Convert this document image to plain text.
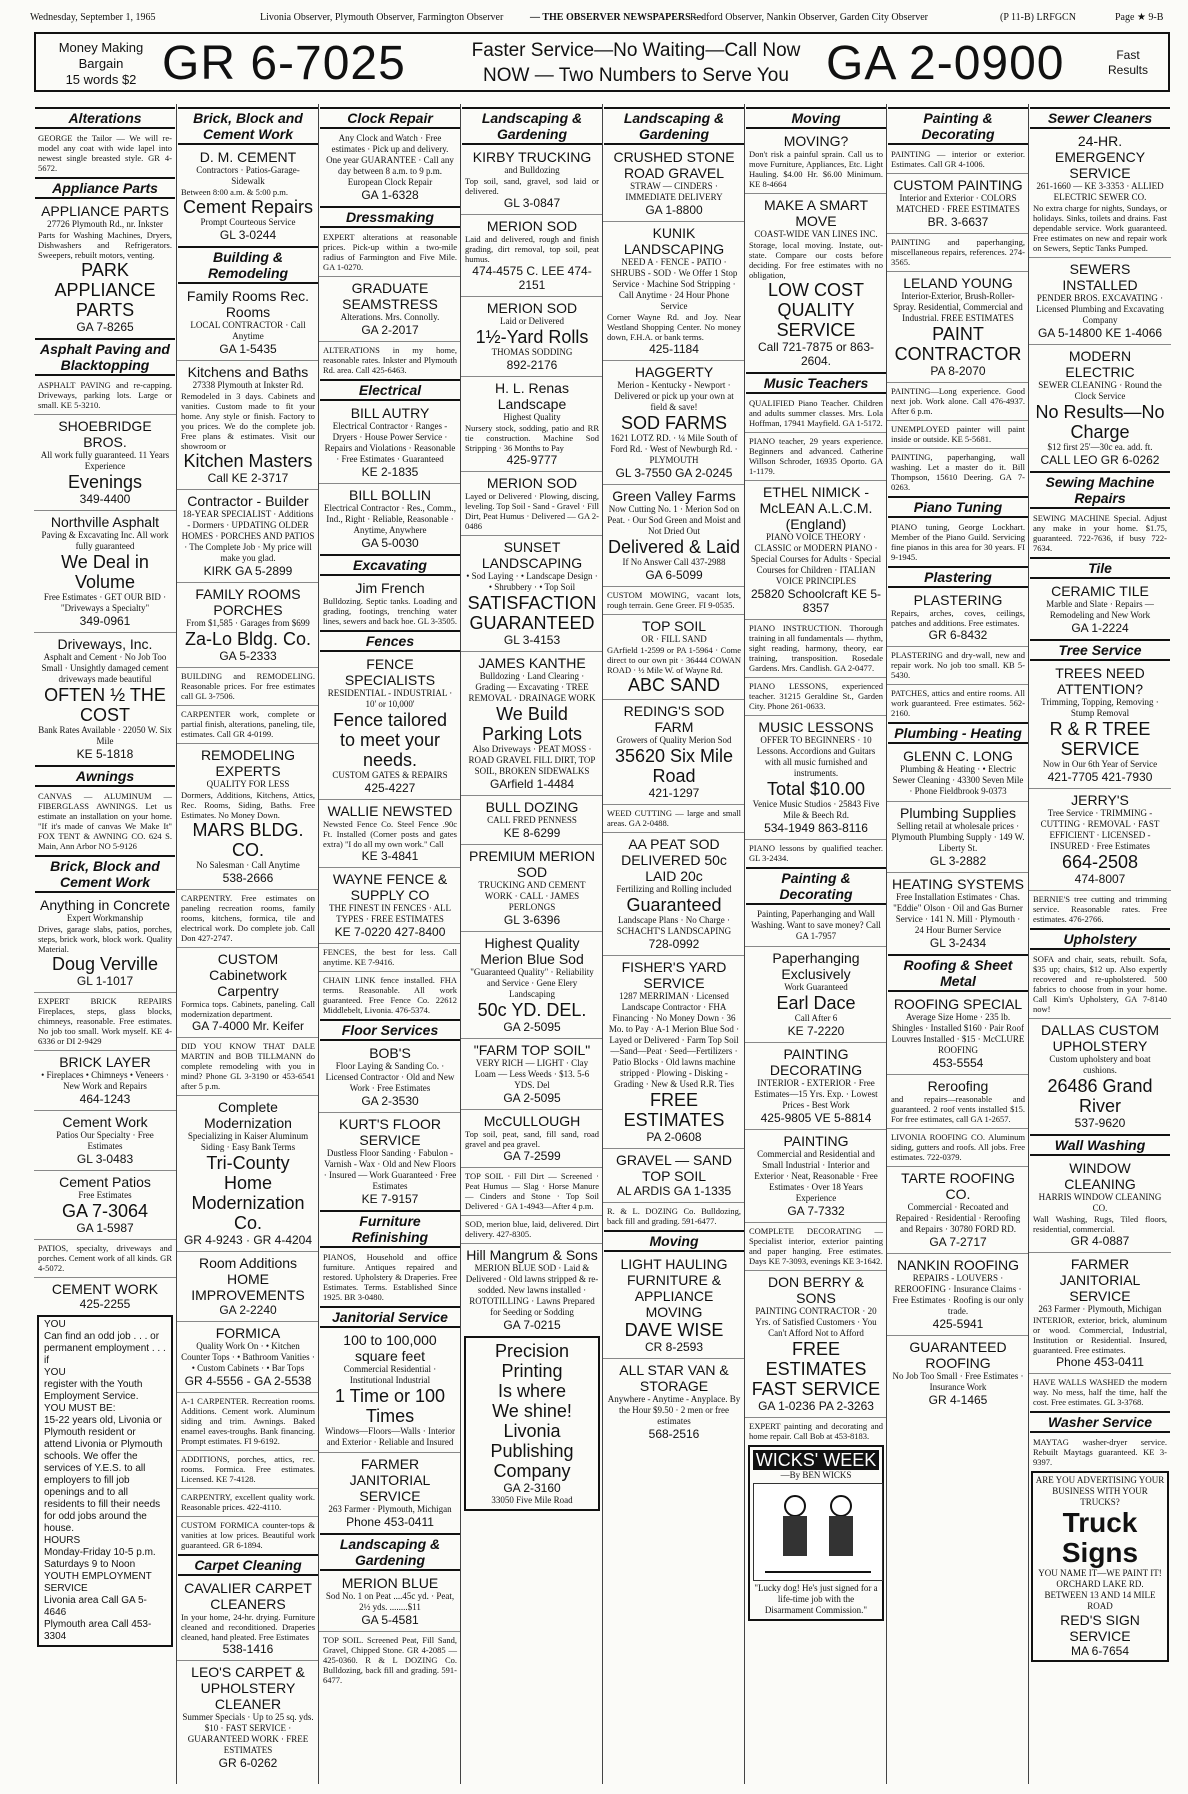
Wednesday, September 1, 1965	Livonia Observer, Plymouth Observer, Farmington Observer	— THE OBSERVER NEWSPAPERS —
Redford Observer, Nankin Observer, Garden City Observer	(P 11-B) LRFGCN	Page ★ 9-B
Money Making
Bargain
15 words $2 GR 6-7025	Faster Service—No Waiting—Call Now
NOW — Two Numbers to Serve You GA 2-0900	Fast
Results
Alterations
GEORGE the Tailor — We will re-model any coat with wide lapel into newest single breasted style. GR 4-5672.
Appliance Parts
APPLIANCE PARTS
27726 Plymouth Rd., nr. Inkster
Parts for Washing Machines, Dryers, Dishwashers and Refrigerators. Sweepers, rebuilt motors, venting.
PARK APPLIANCE PARTS
GA 7-8265
Asphalt Paving and Blacktopping
ASPHALT PAVING and re-capping. Driveways, parking lots. Large or small. KE 5-3210.
SHOEBRIDGE BROS.
All work fully guaranteed. 11 Years Experience
Evenings
349-4400
Northville Asphalt
Paving & Excavating Inc. All work fully guaranteed
We Deal in Volume
Free Estimates · GET OUR BID · "Driveways a Specialty"
349-0961
Driveways, Inc.
Asphalt and Cement · No Job Too Small · Unsightly damaged cement driveways made beautiful
OFTEN ½ THE COST
Bank Rates Available · 22050 W. Six Mile
KE 5-1818
Awnings
CANVAS — ALUMINUM — FIBERGLASS AWNINGS. Let us estimate an installation on your home. "If it's made of canvas We Make It" FOX TENT & AWNING CO. 624 S. Main, Ann Arbor NO 5-9126
Brick, Block and Cement Work
Anything in Concrete
Expert Workmanship
Drives, garage slabs, patios, porches, steps, brick work, block work. Quality Material.
Doug Verville
GL 1-1017
EXPERT BRICK REPAIRS Fireplaces, steps, glass blocks, chimneys, reasonable. Free estimates. No job too small. Work myself. KE 4-6336 or DI 2-9429
BRICK LAYER
• Fireplaces • Chimneys • Veneers · New Work and Repairs
464-1243
Cement Work
Patios Our Specialty · Free Estimates
GL 3-0483
Cement Patios
Free Estimates
GA 7-3064
GA 1-5987
PATIOS, specialty, driveways and porches. Cement work of all kinds. GR 4-5072.
CEMENT WORK
425-2255
YOU
Can find an odd job . . . or permanent employment . . . if
YOU
register with the Youth Employment Service.
YOU MUST BE:
15-22 years old, Livonia or Plymouth resident or attend Livonia or Plymouth schools. We offer the services of Y.E.S. to all employers to fill job openings and to all residents to fill their needs for odd jobs around the house.
HOURS
Monday-Friday 10-5 p.m. Saturdays 9 to Noon
YOUTH EMPLOYMENT SERVICE
Livonia area Call GA 5-4646
Plymouth area Call 453-3304
Brick, Block and Cement Work
D. M. CEMENT
Contractors · Patios-Garage-Sidewalk
Between 8:00 a.m. & 5:00 p.m.
Cement Repairs
Prompt Courteous Service
GL 3-0244
Building & Remodeling
Family Rooms Rec. Rooms
LOCAL CONTRACTOR · Call Anytime
GA 1-5435
Kitchens and Baths
27338 Plymouth at Inkster Rd.
Remodeled in 3 days. Cabinets and vanities. Custom made to fit your home. Any style or finish. Factory to you prices. We do the complete job. Free plans & estimates. Visit our showroom or
Kitchen Masters
Call KE 2-3717
Contractor - Builder
18-YEAR SPECIALIST · Additions - Dormers · UPDATING OLDER HOMES · PORCHES AND PATIOS · The Complete Job · My price will make you glad.
KIRK GA 5-2899
FAMILY ROOMS PORCHES
From $1,585 · Garages from $699
Za-Lo Bldg. Co.
GA 5-2333
BUILDING and REMODELING. Reasonable prices. For free estimates call GL 3-7506.
CARPENTER work, complete or partial finish, alterations, paneling, tile, estimates. Call GR 4-0199.
REMODELING EXPERTS
QUALITY FOR LESS
Dormers, Additions, Kitchens, Attics, Rec. Rooms, Siding, Baths. Free Estimates. No Money Down.
MARS BLDG. CO.
No Salesman · Call Anytime
538-2666
CARPENTRY. Free estimates on paneling recreation rooms, family rooms, kitchens, formica, tile and electrical work. Do complete job. Call Don 427-2747.
CUSTOM Cabinetwork Carpentry
Formica tops. Cabinets, paneling. Call modernization department.
GA 7-4000 Mr. Keifer
DID YOU KNOW THAT DALE MARTIN and BOB TILLMANN do complete remodeling with you in mind? Phone GL 3-3190 or 453-6541 after 5 p.m.
Complete Modernization
Specializing in Kaiser Aluminum Siding · Easy Bank Terms
Tri-County Home Modernization Co.
GR 4-9243 · GR 4-4204
Room Additions HOME IMPROVEMENTS
GA 2-2240
FORMICA
Quality Work On · • Kitchen Counter Tops · • Bathroom Vanities · • Custom Cabinets · • Bar Tops
GR 4-5556 - GA 2-5538
A-1 CARPENTER. Recreation rooms. Additions. Cement work. Aluminum siding and trim. Awnings. Baked enamel eaves-troughs. Bank financing. Prompt estimates. FI 9-6192.
ADDITIONS, porches, attics, rec. rooms. Formica. Free estimates. Licensed. KE 7-4128.
CARPENTRY, excellent quality work. Reasonable prices. 422-4110.
CUSTOM FORMICA counter-tops & vanities at low prices. Beautiful work guaranteed. GR 6-1894.
Carpet Cleaning
CAVALIER CARPET CLEANERS
In your home, 24-hr. drying. Furniture cleaned and reconditioned. Draperies cleaned, hand pleated. Free Estimates
538-1416
LEO'S CARPET & UPHOLSTERY CLEANER
Summer Specials · Up to 25 sq. yds. $10 · FAST SERVICE · GUARANTEED WORK · FREE ESTIMATES
GR 6-0262
Clock Repair
Any Clock and Watch · Free estimates · Pick up and delivery. One year GUARANTEE · Call any day between 8 a.m. to 9 p.m. European Clock Repair
GA 1-6328
Dressmaking
EXPERT alterations at reasonable prices. Pick-up within a two-mile radius of Farmington and Five Mile. GA 1-0270.
GRADUATE SEAMSTRESS
Alterations. Mrs. Connolly.
GA 2-2017
ALTERATIONS in my home, reasonable rates. Inkster and Plymouth Rd. area. Call 425-6463.
Electrical
BILL AUTRY
Electrical Contractor · Ranges - Dryers · House Power Service · Repairs and Violations · Reasonable · Free Estimates · Guaranteed
KE 2-1835
BILL BOLLIN
Electrical Contractor · Res., Comm., Ind., Right · Reliable, Reasonable · Anytime, Anywhere
GA 5-0030
Excavating
Jim French
Bulldozing. Septic tanks. Loading and grading, footings, trenching water lines, sewers and back hoe. GL 3-3505.
Fences
FENCE SPECIALISTS
RESIDENTIAL - INDUSTRIAL · 10' or 10,000'
Fence tailored to meet your needs.
CUSTOM GATES & REPAIRS
425-4227
WALLIE NEWSTED
Newsted Fence Co. Steel Fence .90c Ft. Installed (Corner posts and gates extra) "I do all my own work." Call
KE 3-4841
WAYNE FENCE & SUPPLY CO
THE FINEST IN FENCES · ALL TYPES · FREE ESTIMATES
KE 7-0220 427-8400
FENCES, the best for less. Call anytime. KE 7-9416.
CHAIN LINK fence installed. FHA terms. Reasonable. All work guaranteed. Free Fence Co. 22612 Middlebelt, Livonia. 476-5374.
Floor Services
BOB'S
Floor Laying & Sanding Co. · Licensed Contractor · Old and New Work · Free Estimates
GA 2-3530
KURT'S FLOOR SERVICE
Dustless Floor Sanding · Fabulon - Varnish - Wax · Old and New Floors · Insured — Work Guaranteed · Free Estimates
KE 7-9157
Furniture Refinishing
PIANOS, Household and office furniture. Antiques repaired and restored. Upholstery & Draperies. Free Estimates. Terms. Established Since 1925. BR 3-0480.
Janitorial Service
100 to 100,000 square feet
Commercial Residential · Institutional Industrial
1 Time or 100 Times
Windows—Floors—Walls · Interior and Exterior · Reliable and Insured
FARMER JANITORIAL SERVICE
263 Farmer · Plymouth, Michigan
Phone 453-0411
Landscaping & Gardening
MERION BLUE
Sod No. 1 on Peat ....45c yd. · Peat, 2½ yds. ........$11
GA 5-4581
TOP SOIL. Screened Peat, Fill Sand, Gravel, Chipped Stone. GR 4-2085 — 425-0360. R & L DOZING Co. Bulldozing, back fill and grading. 591-6477.
Landscaping & Gardening
KIRBY TRUCKING
and Bulldozing
Top soil, sand, gravel, sod laid or delivered.
GL 3-0847
MERION SOD
Laid and delivered, rough and finish grading, dirt removal, top soil, peat humus.
474-4575 C. LEE 474-2151
MERION SOD
Laid or Delivered
1½-Yard Rolls
THOMAS SODDING
892-2176
H. L. Renas Landscape
Highest Quality
Nursery stock, sodding, patio and RR tie construction. Machine Sod Stripping · 36 Months to Pay
425-9777
MERION SOD
Layed or Delivered · Plowing, discing, leveling. Top Soil - Sand - Gravel · Fill Dirt, Peat Humus · Delivered — GA 2-0486
SUNSET LANDSCAPING
• Sod Laying · • Landscape Design · • Shrubbery · • Top Soil
SATISFACTION GUARANTEED
GL 3-4153
JAMES KANTHE
Bulldozing · Land Clearing · Grading — Excavating · TREE REMOVAL · DRAINAGE WORK
We Build Parking Lots
Also Driveways · PEAT MOSS · ROAD GRAVEL FILL DIRT, TOP SOIL, BROKEN SIDEWALKS
GArfield 1-4484
BULL DOZING
CALL FRED PENNESS
KE 8-6299
PREMIUM MERION SOD
TRUCKING AND CEMENT WORK · CALL · JAMES PERLONGS
GL 3-6396
Highest Quality Merion Blue Sod
"Guaranteed Quality" · Reliability and Service · Gene Elery Landscaping
50c YD. DEL.
GA 2-5095
"FARM TOP SOIL"
VERY RICH — LIGHT · Clay Loam — Less Weeds · $13. 5-6 YDS. Del
GA 2-5095
McCULLOUGH
Top soil, peat, sand, fill sand, road gravel and pea gravel.
GA 7-2599
TOP SOIL · Fill Dirt — Screened · Peat Humus — Slag · Horse Manure — Cinders and Stone · Top Soil Delivered · GA 1-4943—After 4 p.m.
SOD, merion blue, laid, delivered. Dirt delivery. 427-8305.
Hill Mangrum & Sons
MERION BLUE SOD · Laid & Delivered · Old lawns stripped & re-sodded. New lawns installed · ROTOTILLING · Lawns Prepared for Seeding or Sodding
GA 7-0215
Precision
Printing
Is where
We shine!
Livonia
Publishing
Company
GA 2-3160
33050 Five Mile Road
Landscaping & Gardening
CRUSHED STONE ROAD GRAVEL
STRAW — CINDERS · IMMEDIATE DELIVERY
GA 1-8800
KUNIK LANDSCAPING
NEED A · FENCE - PATIO · SHRUBS - SOD · We Offer 1 Stop Service · Machine Sod Stripping · Call Anytime · 24 Hour Phone Service
Corner Wayne Rd. and Joy. Near Westland Shopping Center. No money down, F.H.A. or bank terms.
425-1184
HAGGERTY
Merion - Kentucky - Newport · Delivered or pick up your own at field & save!
SOD FARMS
1621 LOTZ RD. · ¼ Mile South of Ford Rd. · West of Newburgh Rd. · PLYMOUTH
GL 3-7550 GA 2-0245
Green Valley Farms
Now Cutting No. 1 · Merion Sod on Peat. · Our Sod Green and Moist and Not Dried Out
Delivered & Laid
If No Answer Call 437-2988
GA 6-5099
CUSTOM MOWING, vacant lots, rough terrain. Gene Greer. FI 9-0535.
TOP SOIL
OR · FILL SAND
GArfield 1-2599 or PA 1-5964 · Come direct to our own pit · 36444 COWAN ROAD · ½ Mile W. of Wayne Rd.
ABC SAND
REDING'S SOD FARM
Growers of Quality Merion Sod
35620 Six Mile Road
421-1297
WEED CUTTING — large and small areas. GA 2-0488.
AA PEAT SOD DELIVERED 50c LAID 20c
Fertilizing and Rolling included
Guaranteed
Landscape Plans · No Charge · SCHACHT'S LANDSCAPING
728-0992
FISHER'S YARD SERVICE
1287 MERRIMAN · Licensed Landscape Contractor · FHA Financing · No Money Down · 36 Mo. to Pay · A-1 Merion Blue Sod · Layed or Delivered · Farm Top Soil—Sand—Peat · Seed—Fertilizers · Patio Blocks · Old lawns machine stripped · Plowing - Disking - Grading · New & Used R.R. Ties
FREE ESTIMATES
PA 2-0608
GRAVEL — SAND TOP SOIL
AL ARDIS GA 1-1335
R. & L. DOZING Co. Bulldozing, back fill and grading. 591-6477.
Moving
LIGHT HAULING FURNITURE & APPLIANCE MOVING
DAVE WISE
CR 8-2593
ALL STAR VAN & STORAGE
Anywhere - Anytime - Anyplace. By the Hour $9.50 · 2 men or free estimates
568-2516
Moving
MOVING?
Don't risk a painful sprain. Call us to move Furniture, Appliances, Etc. Light Hauling. $4.00 Hr. $6.00 Minimum. KE 8-4664
MAKE A SMART MOVE
COAST-WIDE VAN LINES INC.
Storage, local moving. Instate, out-state. Compare our costs before deciding. For free estimates with no obligation,
LOW COST QUALITY SERVICE
Call 721-7875 or 863-2604.
Music Teachers
QUALIFIED Piano Teacher. Children and adults summer classes. Mrs. Lola Hoffman, 17941 Mayfield. GA 1-5172.
PIANO teacher, 29 years experience. Beginners and advanced. Catherine Willson Schroder, 16935 Oporto. GA 1-1179.
ETHEL NIMICK - McLEAN A.L.C.M. (England)
PIANO VOICE THEORY · CLASSIC or MODERN PIANO · Special Courses for Adults · Special Courses for Children · ITALIAN VOICE PRINCIPLES
25820 Schoolcraft KE 5-8357
PIANO INSTRUCTION. Thorough training in all fundamentals — rhythm, sight reading, harmony, theory, ear training, transposition. Rosedale Gardens. Mrs. Candlish. GA 2-0477.
PIANO LESSONS, experienced teacher. 31215 Geraldine St., Garden City. Phone 261-0633.
MUSIC LESSONS
OFFER TO BEGINNERS · 10 Lessons. Accordions and Guitars with all music furnished and instruments.
Total $10.00
Venice Music Studios · 25843 Five Mile & Beech Rd.
534-1949 863-8116
PIANO lessons by qualified teacher. GL 3-2434.
Painting & Decorating
Painting, Paperhanging and Wall Washing. Want to save money? Call GA 1-7957
Paperhanging Exclusively
Work Guaranteed
Earl Dace
Call After 6
KE 7-2220
PAINTING DECORATING
INTERIOR - EXTERIOR · Free Estimates—15 Yrs. Exp. · Lowest Prices - Best Work
425-9805 VE 5-8814
PAINTING
Commercial and Residential and Small Industrial · Interior and Exterior · Neat, Reasonable · Free Estimates · Over 18 Years Experience
GA 7-7332
COMPLETE DECORATING — Specialist interior, exterior painting and paper hanging. Free estimates. Days KE 7-3093, evenings KE 3-1642.
DON BERRY & SONS
PAINTING CONTRACTOR · 20 Yrs. of Satisfied Customers · You Can't Afford Not to Afford
FREE ESTIMATES FAST SERVICE
GA 1-0236 PA 2-3263
EXPERT painting and decorating and home repair. Call Bob at 453-8183.
WICKS' WEEK
—By BEN WICKS
"Lucky dog! He's just signed for a life-time job with the Disarmament Commission."
Painting & Decorating
PAINTING — interior or exterior. Estimates. Call GR 4-1006.
CUSTOM PAINTING
Interior and Exterior · COLORS MATCHED · FREE ESTIMATES
BR. 3-6637
PAINTING and paperhanging, miscellaneous repairs, references. 274-3565.
LELAND YOUNG
Interior-Exterior, Brush-Roller-Spray. Residential, Commercial and Industrial. FREE ESTIMATES
PAINT CONTRACTOR
PA 8-2070
PAINTING—Long experience. Good next job. Work alone. Call 476-4937. After 6 p.m.
UNEMPLOYED painter will paint inside or outside. KE 5-5681.
PAINTING, paperhanging, wall washing. Let a master do it. Bill Thompson, 15610 Deering. GA 7-0263.
Piano Tuning
PIANO tuning, George Lockhart. Member of the Piano Guild. Servicing fine pianos in this area for 30 years. FI 9-1945.
Plastering
PLASTERING
Repairs, arches, coves, ceilings, patches and additions. Free estimates.
GR 6-8432
PLASTERING and dry-wall, new and repair work. No job too small. KB 5-5430.
PATCHES, attics and entire rooms. All work guaranteed. Free estimates. 562-2160.
Plumbing - Heating
GLENN C. LONG
Plumbing & Heating · • Electric Sewer Cleaning · 43300 Seven Mile · Phone Fieldbrook 9-0373
Plumbing Supplies
Selling retail at wholesale prices · Plymouth Plumbing Supply · 149 W. Liberty St.
GL 3-2882
HEATING SYSTEMS
Free Installation Estimates · Chas. "Eddie" Olson · Oil and Gas Burner Service · 141 N. Mill · Plymouth · 24 Hour Burner Service
GL 3-2434
Roofing & Sheet Metal
ROOFING SPECIAL
Average Size Home · 235 lb. Shingles · Installed $160 · Pair Roof Louvres Installed · $15 · McCLURE ROOFING
453-5554
Reroofing
and repairs—reasonable and guaranteed. 2 roof vents installed $15. For free estimates, call GA 1-2657.
LIVONIA ROOFING CO. Aluminum siding, gutters and roofs. All jobs. Free estimates. 722-0379.
TARTE ROOFING CO.
Commercial · Recoated and Repaired · Residential · Reroofing and Repairs · 30780 FORD RD.
GA 7-2717
NANKIN ROOFING
REPAIRS - LOUVERS · REROOFING · Insurance Claims · Free Estimates · Roofing is our only trade.
425-5941
GUARANTEED ROOFING
No Job Too Small · Free Estimates · Insurance Work
GR 4-1465
Sewer Cleaners
24-HR. EMERGENCY SERVICE
261-1660 — KE 3-3353 · ALLIED ELECTRIC SEWER CO.
No extra charge for nights, Sundays, or holidays. Sinks, toilets and drains. Fast dependable service. Work guaranteed. Free estimates on new and repair work on Sewers, Septic Tanks Pumped.
SEWERS INSTALLED
PENDER BROS. EXCAVATING · Licensed Plumbing and Excavating Company
GA 5-14800 KE 1-4066
MODERN ELECTRIC
SEWER CLEANING · Round the Clock Service
No Results—No Charge
$12 first 25'—30c ea. add. ft.
CALL LEO GR 6-0262
Sewing Machine Repairs
SEWING MACHINE Special. Adjust any make in your home. $1.75, guaranteed. 722-7636, if busy 722-7634.
Tile
CERAMIC TILE
Marble and Slate · Repairs — Remodeling and New Work
GA 1-2224
Tree Service
TREES NEED ATTENTION?
Trimming, Topping, Removing · Stump Removal
R & R TREE SERVICE
Now in Our 6th Year of Service
421-7705 421-7930
JERRY'S
Tree Service · TRIMMING - CUTTING · REMOVAL · FAST EFFICIENT · LICENSED - INSURED · Free Estimates
664-2508
474-8007
BERNIE'S tree cutting and trimming service. Reasonable rates. Free estimates. 476-2766.
Upholstery
SOFA and chair, seats, rebuilt. Sofa, $35 up; chairs, $12 up. Also expertly recovered and re-upholstered. 500 fabrics to choose from in your home. Call Kim's Upholstery, GA 7-8140 now!
DALLAS CUSTOM UPHOLSTERY
Custom upholstery and boat cushions.
26486 Grand River
537-9620
Wall Washing
WINDOW CLEANING
HARRIS WINDOW CLEANING CO.
Wall Washing, Rugs, Tiled floors, residential, commercial.
GR 4-0887
FARMER JANITORIAL SERVICE
263 Farmer · Plymouth, Michigan
INTERIOR, exterior, brick, aluminum or wood. Commercial, Industrial, Institution or Residential. Insured, guaranteed. Free estimates.
Phone 453-0411
HAVE WALLS WASHED the modern way. No mess, half the time, half the cost. Free estimates. GL 3-3768.
Washer Service
MAYTAG washer-dryer service. Rebuilt Maytags guaranteed. KE 3-9397.
ARE YOU ADVERTISING YOUR BUSINESS WITH YOUR TRUCKS?
Truck Signs
YOU NAME IT—WE PAINT IT! ORCHARD LAKE RD. BETWEEN 13 AND 14 MILE ROAD
RED'S SIGN SERVICE
MA 6-7654
